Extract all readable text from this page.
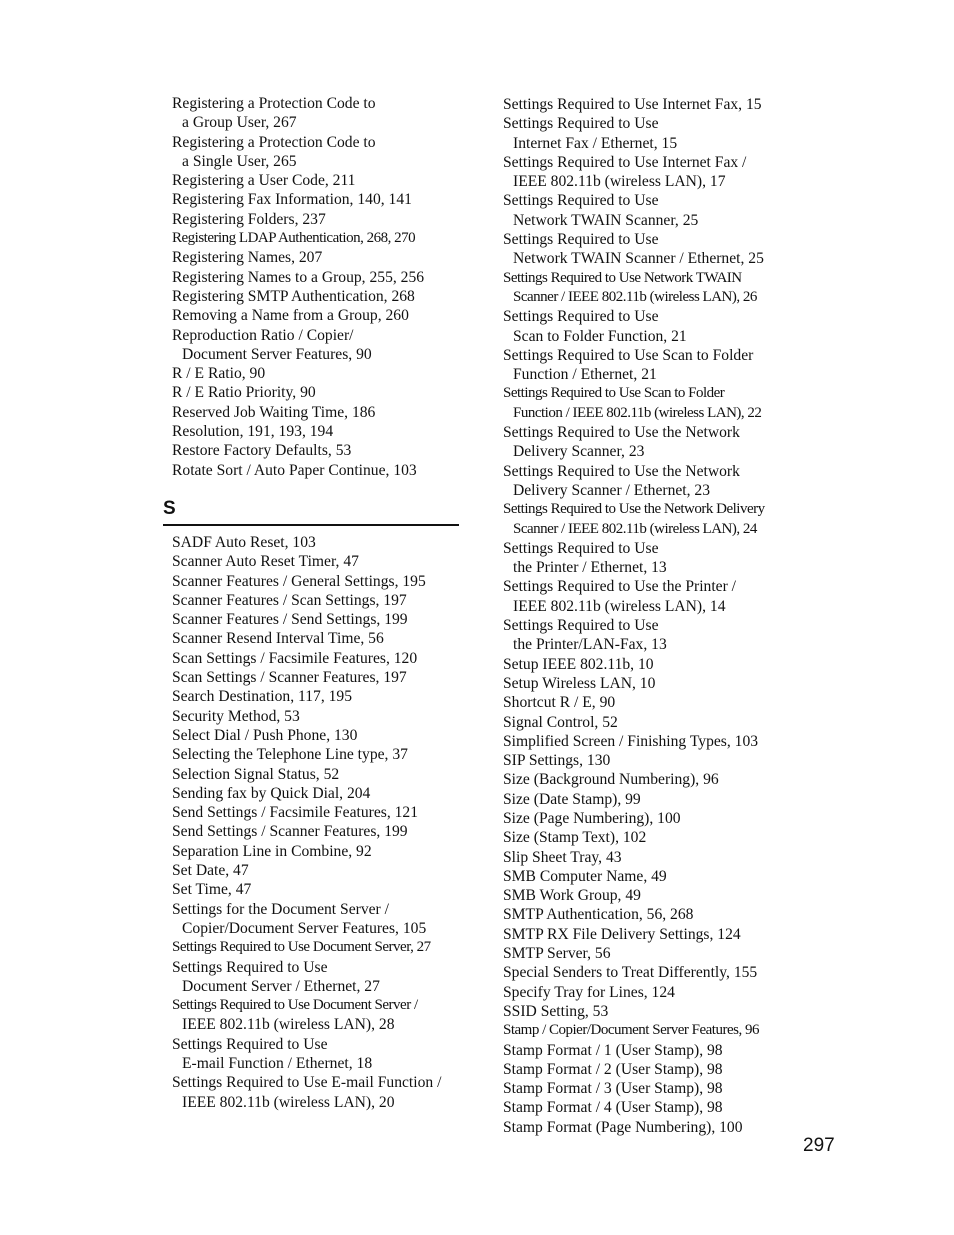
Registering a Protection Code to
a Group User, 267
Registering a Protection Code to
a Single User, 265
Registering a User Code, 211
Registering Fax Information, 140, 141
Registering Folders, 237
Registering LDAP Authentication, 268, 270
Registering Names, 207
Registering Names to a Group, 255, 256
Registering SMTP Authentication, 268
Removing a Name from a Group, 260
Reproduction Ratio / Copier/
Document Server Features, 90
R / E Ratio, 90
R / E Ratio Priority, 90
Reserved Job Waiting Time, 186
Resolution, 191, 193, 194
Restore Factory Defaults, 53
Rotate Sort / Auto Paper Continue, 103
S
SADF Auto Reset, 103
Scanner Auto Reset Timer, 47
Scanner Features / General Settings, 195
Scanner Features / Scan Settings, 197
Scanner Features / Send Settings, 199
Scanner Resend Interval Time, 56
Scan Settings / Facsimile Features, 120
Scan Settings / Scanner Features, 197
Search Destination, 117, 195
Security Method, 53
Select Dial / Push Phone, 130
Selecting the Telephone Line type, 37
Selection Signal Status, 52
Sending fax by Quick Dial, 204
Send Settings / Facsimile Features, 121
Send Settings / Scanner Features, 199
Separation Line in Combine, 92
Set Date, 47
Set Time, 47
Settings for the Document Server /
Copier/Document Server Features, 105
Settings Required to Use Document Server, 27
Settings Required to Use
Document Server / Ethernet, 27
Settings Required to Use Document Server /
IEEE 802.11b (wireless LAN), 28
Settings Required to Use
E-mail Function / Ethernet, 18
Settings Required to Use E-mail Function /
IEEE 802.11b (wireless LAN), 20
Settings Required to Use Internet Fax, 15
Settings Required to Use
Internet Fax / Ethernet, 15
Settings Required to Use Internet Fax /
IEEE 802.11b (wireless LAN), 17
Settings Required to Use
Network TWAIN Scanner, 25
Settings Required to Use
Network TWAIN Scanner / Ethernet, 25
Settings Required to Use Network TWAIN
Scanner / IEEE 802.11b (wireless LAN), 26
Settings Required to Use
Scan to Folder Function, 21
Settings Required to Use Scan to Folder
Function / Ethernet, 21
Settings Required to Use Scan to Folder
Function / IEEE 802.11b (wireless LAN), 22
Settings Required to Use the Network
Delivery Scanner, 23
Settings Required to Use the Network
Delivery Scanner / Ethernet, 23
Settings Required to Use the Network Delivery
Scanner / IEEE 802.11b (wireless LAN), 24
Settings Required to Use
the Printer / Ethernet, 13
Settings Required to Use the Printer /
IEEE 802.11b (wireless LAN), 14
Settings Required to Use
the Printer/LAN-Fax, 13
Setup IEEE 802.11b, 10
Setup Wireless LAN, 10
Shortcut R / E, 90
Signal Control, 52
Simplified Screen / Finishing Types, 103
SIP Settings, 130
Size (Background Numbering), 96
Size (Date Stamp), 99
Size (Page Numbering), 100
Size (Stamp Text), 102
Slip Sheet Tray, 43
SMB Computer Name, 49
SMB Work Group, 49
SMTP Authentication, 56, 268
SMTP RX File Delivery Settings, 124
SMTP Server, 56
Special Senders to Treat Differently, 155
Specify Tray for Lines, 124
SSID Setting, 53
Stamp / Copier/Document Server Features, 96
Stamp Format / 1 (User Stamp), 98
Stamp Format / 2 (User Stamp), 98
Stamp Format / 3 (User Stamp), 98
Stamp Format / 4 (User Stamp), 98
Stamp Format (Page Numbering), 100
297
